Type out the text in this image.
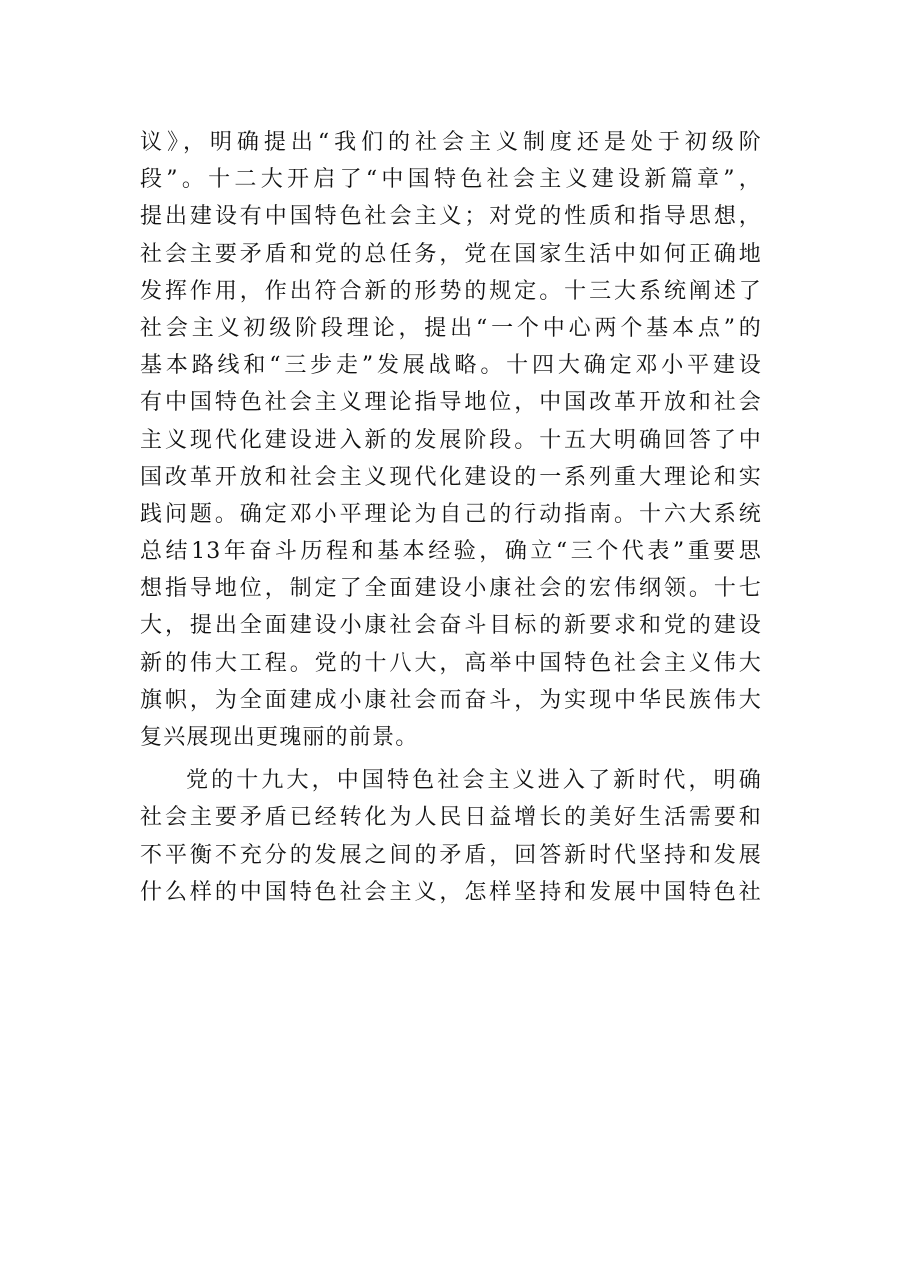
议》，明确提出“我们的社会主义制度还是处于初级阶
段”。十二大开启了“中国特色社会主义建设新篇章”，
提出建设有中国特色社会主义；对党的性质和指导思想，
社会主要矛盾和党的总任务，党在国家生活中如何正确地
发挥作用，作出符合新的形势的规定。十三大系统阐述了
社会主义初级阶段理论，提出“一个中心两个基本点”的
基本路线和“三步走”发展战略。十四大确定邓小平建设
有中国特色社会主义理论指导地位，中国改革开放和社会
主义现代化建设进入新的发展阶段。十五大明确回答了中
国改革开放和社会主义现代化建设的一系列重大理论和实
践问题。确定邓小平理论为自己的行动指南。十六大系统
总结13年奋斗历程和基本经验，确立“三个代表”重要思
想指导地位，制定了全面建设小康社会的宏伟纲领。十七
大，提出全面建设小康社会奋斗目标的新要求和党的建设
新的伟大工程。党的十八大，高举中国特色社会主义伟大
旗帜，为全面建成小康社会而奋斗，为实现中华民族伟大
复兴展现出更瑰丽的前景。
党的十九大，中国特色社会主义进入了新时代，明确
社会主要矛盾已经转化为人民日益增长的美好生活需要和
不平衡不充分的发展之间的矛盾，回答新时代坚持和发展
什么样的中国特色社会主义，怎样坚持和发展中国特色社
